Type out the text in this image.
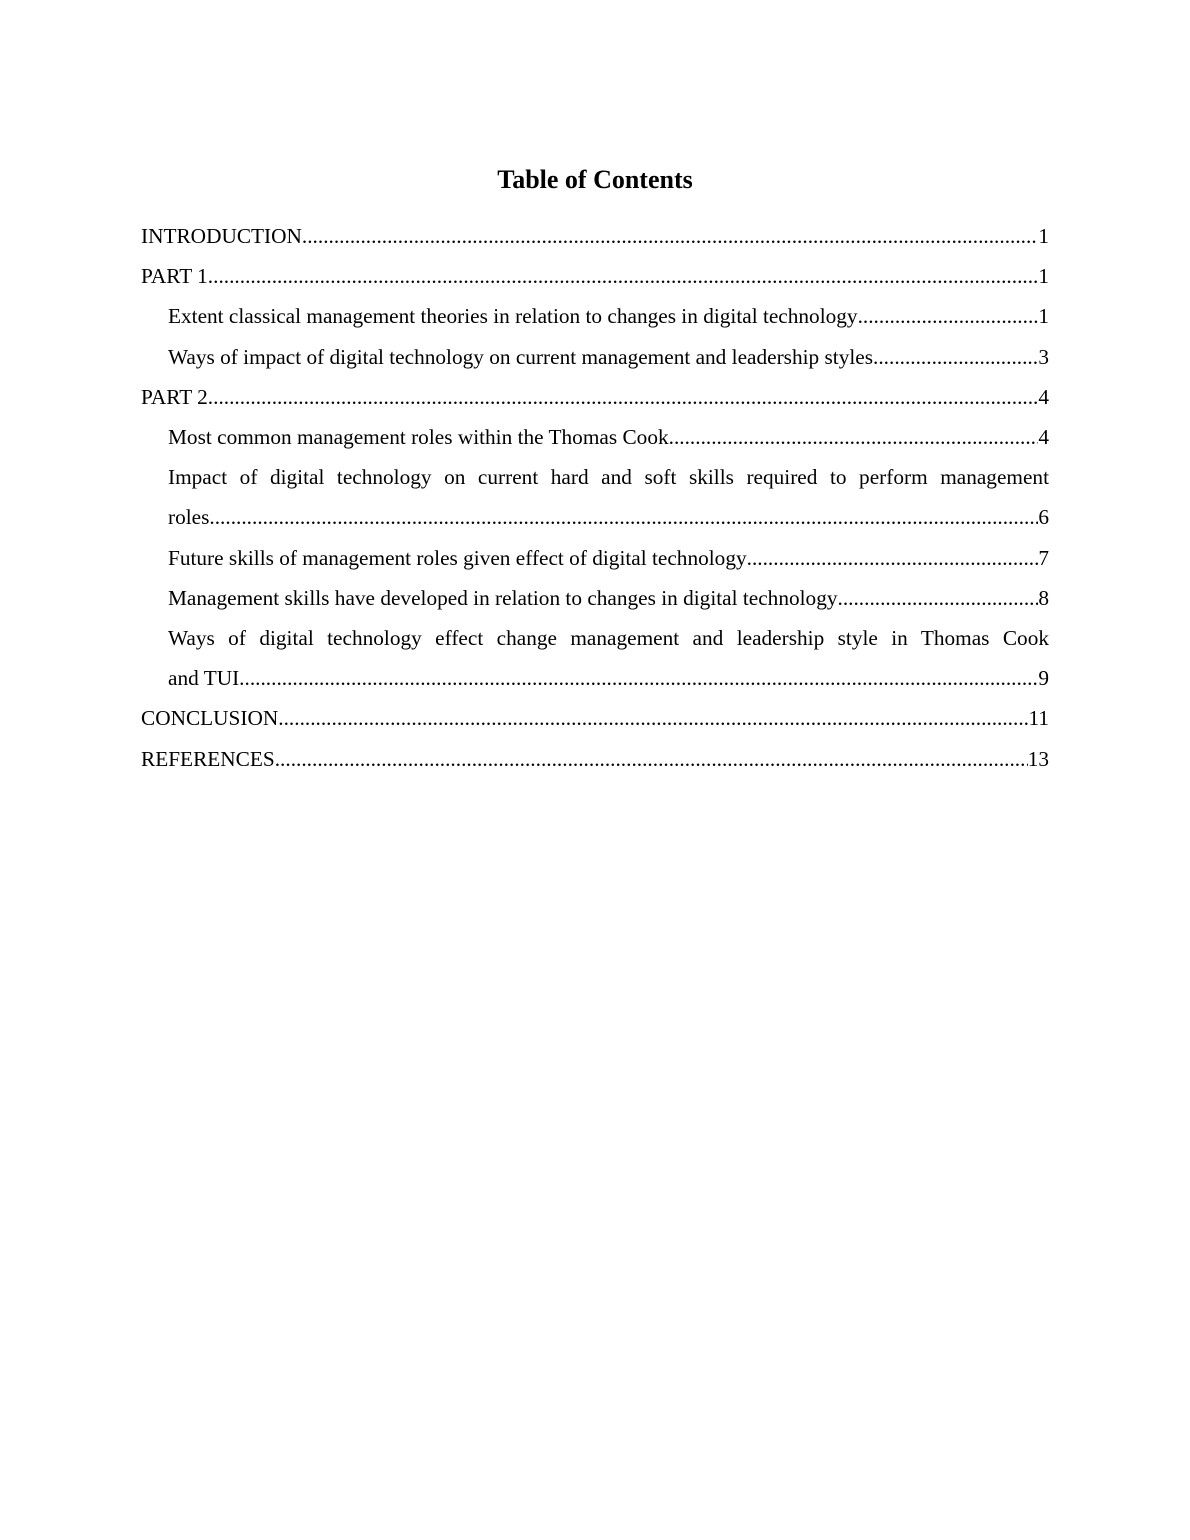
Table of Contents
INTRODUCTION .....	1
PART 1 .....	1
Extent classical management theories in relation to changes in digital technology .....	1
Ways of impact of digital technology on current management and leadership styles .....	3
PART 2 .....	4
Most common management roles within the Thomas Cook .....	4
Impact of digital technology on current hard and soft skills required to perform management
roles .....	6
Future skills of management roles given effect of digital technology .....	7
Management skills have developed in relation to changes in digital technology .....	8
Ways of digital technology effect change management and leadership style in Thomas Cook
and TUI .....	9
CONCLUSION .....	11
REFERENCES .....	13
